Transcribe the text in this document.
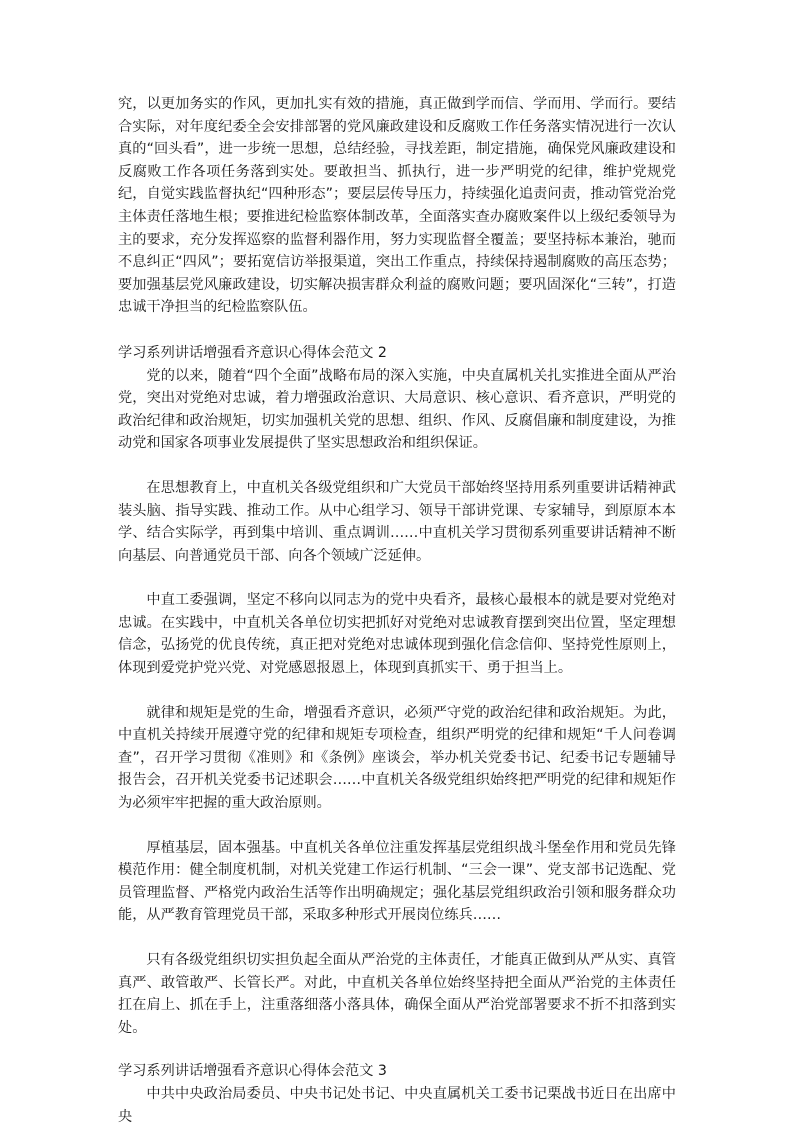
究，以更加务实的作风，更加扎实有效的措施，真正做到学而信、学而用、学而行。要结合实际，对年度纪委全会安排部署的党风廉政建设和反腐败工作任务落实情况进行一次认真的“回头看”，进一步统一思想，总结经验，寻找差距，制定措施，确保党风廉政建设和反腐败工作各项任务落到实处。要敢担当、抓执行，进一步严明党的纪律，维护党规党纪，自觉实践监督执纪“四种形态”；要层层传导压力，持续强化追责问责，推动管党治党主体责任落地生根；要推进纪检监察体制改革，全面落实查办腐败案件以上级纪委领导为主的要求，充分发挥巡察的监督利器作用，努力实现监督全覆盖；要坚持标本兼治，驰而不息纠正“四风”；要拓宽信访举报渠道，突出工作重点，持续保持遏制腐败的高压态势；要加强基层党风廉政建设，切实解决损害群众利益的腐败问题；要巩固深化“三转”，打造忠诚干净担当的纪检监察队伍。

学习系列讲话增强看齐意识心得体会范文 2

党的以来，随着“四个全面”战略布局的深入实施，中央直属机关扎实推进全面从严治党，突出对党绝对忠诚，着力增强政治意识、大局意识、核心意识、看齐意识，严明党的政治纪律和政治规矩，切实加强机关党的思想、组织、作风、反腐倡廉和制度建设，为推动党和国家各项事业发展提供了坚实思想政治和组织保证。

在思想教育上，中直机关各级党组织和广大党员干部始终坚持用系列重要讲话精神武装头脑、指导实践、推动工作。从中心组学习、领导干部讲党课、专家辅导，到原原本本学、结合实际学，再到集中培训、重点调训……中直机关学习贯彻系列重要讲话精神不断向基层、向普通党员干部、向各个领域广泛延伸。

中直工委强调，坚定不移向以同志为的党中央看齐，最核心最根本的就是要对党绝对忠诚。在实践中，中直机关各单位切实把抓好对党绝对忠诚教育摆到突出位置，坚定理想信念，弘扬党的优良传统，真正把对党绝对忠诚体现到强化信念信仰、坚持党性原则上，体现到爱党护党兴党、对党感恩报恩上，体现到真抓实干、勇于担当上。

就律和规矩是党的生命，增强看齐意识，必须严守党的政治纪律和政治规矩。为此，中直机关持续开展遵守党的纪律和规矩专项检查，组织严明党的纪律和规矩“千人问卷调查”，召开学习贯彻《准则》和《条例》座谈会，举办机关党委书记、纪委书记专题辅导报告会，召开机关党委书记述职会……中直机关各级党组织始终把严明党的纪律和规矩作为必须牢牢把握的重大政治原则。

厚植基层，固本强基。中直机关各单位注重发挥基层党组织战斗堡垒作用和党员先锋模范作用：健全制度机制，对机关党建工作运行机制、“三会一课”、党支部书记选配、党员管理监督、严格党内政治生活等作出明确规定；强化基层党组织政治引领和服务群众功能，从严教育管理党员干部，采取多种形式开展岗位练兵……

只有各级党组织切实担负起全面从严治党的主体责任，才能真正做到从严从实、真管真严、敢管敢严、长管长严。对此，中直机关各单位始终坚持把全面从严治党的主体责任扛在肩上、抓在手上，注重落细落小落具体，确保全面从严治党部署要求不折不扣落到实处。

学习系列讲话增强看齐意识心得体会范文 3

中共中央政治局委员、中央书记处书记、中央直属机关工委书记栗战书近日在出席中央
